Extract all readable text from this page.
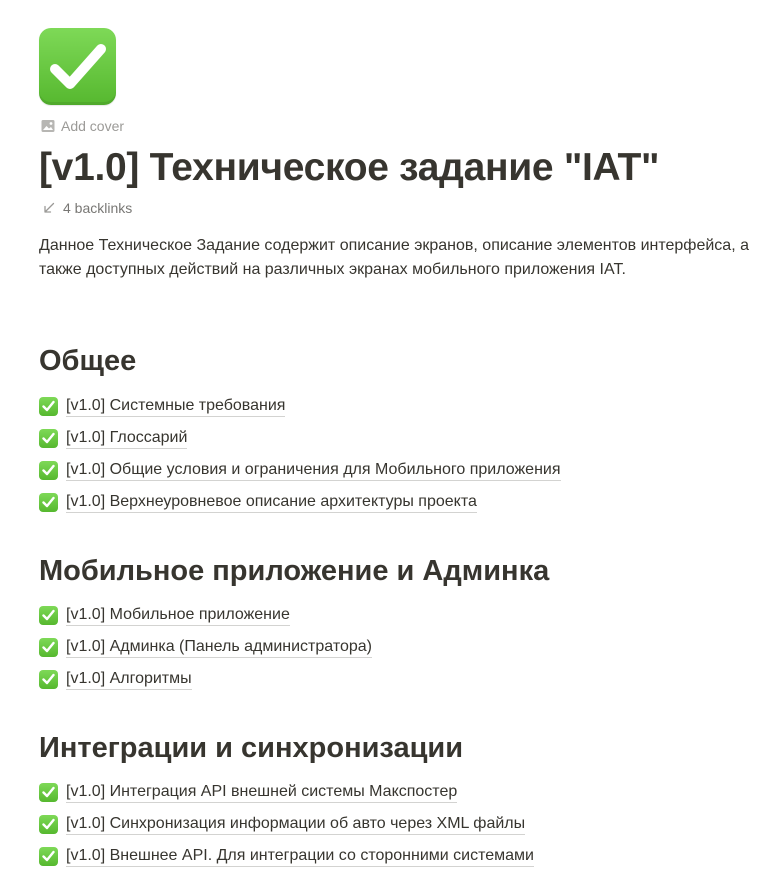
Add cover
[v1.0] Техническое задание "IAT"
4 backlinks

Данное Техническое Задание содержит описание экранов, описание элементов интерфейса, а также доступных действий на различных экранах мобильного приложения IAT.

Общее
[v1.0] Системные требования
[v1.0] Глоссарий
[v1.0] Общие условия и ограничения для Мобильного приложения
[v1.0] Верхнеуровневое описание архитектуры проекта
Мобильное приложение и Админка
[v1.0] Мобильное приложение
[v1.0] Админка (Панель администратора)
[v1.0] Алгоритмы
Интеграции и синхронизации
[v1.0] Интеграция API внешней системы Макспостер
[v1.0] Синхронизация информации об авто через XML файлы
[v1.0] Внешнее API. Для интеграции со сторонними системами
